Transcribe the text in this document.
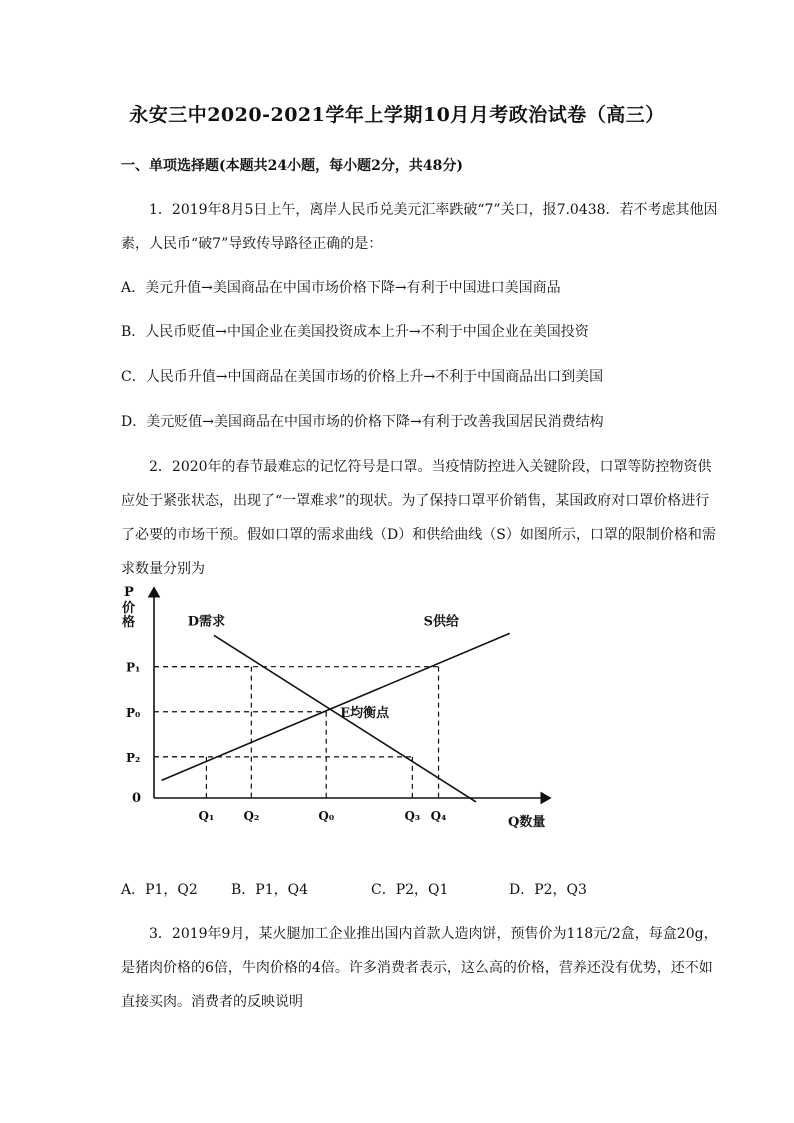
永安三中2020-2021学年上学期10月月考政治试卷（高三）
一、单项选择题(本题共24小题，每小题2分，共48分)

1．2019年8月5日上午，离岸人民币兑美元汇率跌破“7”关口，报7.0438．若不考虑其他因素，人民币“破7”导致传导路径正确的是：

A．美元升值→美国商品在中国市场价格下降→有利于中国进口美国商品
B．人民币贬值→中国企业在美国投资成本上升→不利于中国企业在美国投资
C．人民币升值→中国商品在美国市场的价格上升→不利于中国商品出口到美国
D．美元贬值→美国商品在中国市场的价格下降→有利于改善我国居民消费结构

2．2020年的春节最难忘的记忆符号是口罩。当疫情防控进入关键阶段，口罩等防控物资供应处于紧张状态，出现了“一罩难求”的现状。为了保持口罩平价销售，某国政府对口罩价格进行了必要的市场干预。假如口罩的需求曲线（D）和供给曲线（S）如图所示，口罩的限制价格和需求数量分别为

P
价
格
Q数量
0
D需求	S供给
E均衡点
P₁
P₀
P₂
Q₁ Q₂	Q₀	Q₃ Q₄
A．P1，Q2 B．P1，Q4	C．P2，Q1	D．P2，Q3

3．2019年9月，某火腿加工企业推出国内首款人造肉饼，预售价为118元/2盒，每盒20g，是猪肉价格的6倍，牛肉价格的4倍。许多消费者表示，这么高的价格，营养还没有优势，还不如直接买肉。消费者的反映说明
